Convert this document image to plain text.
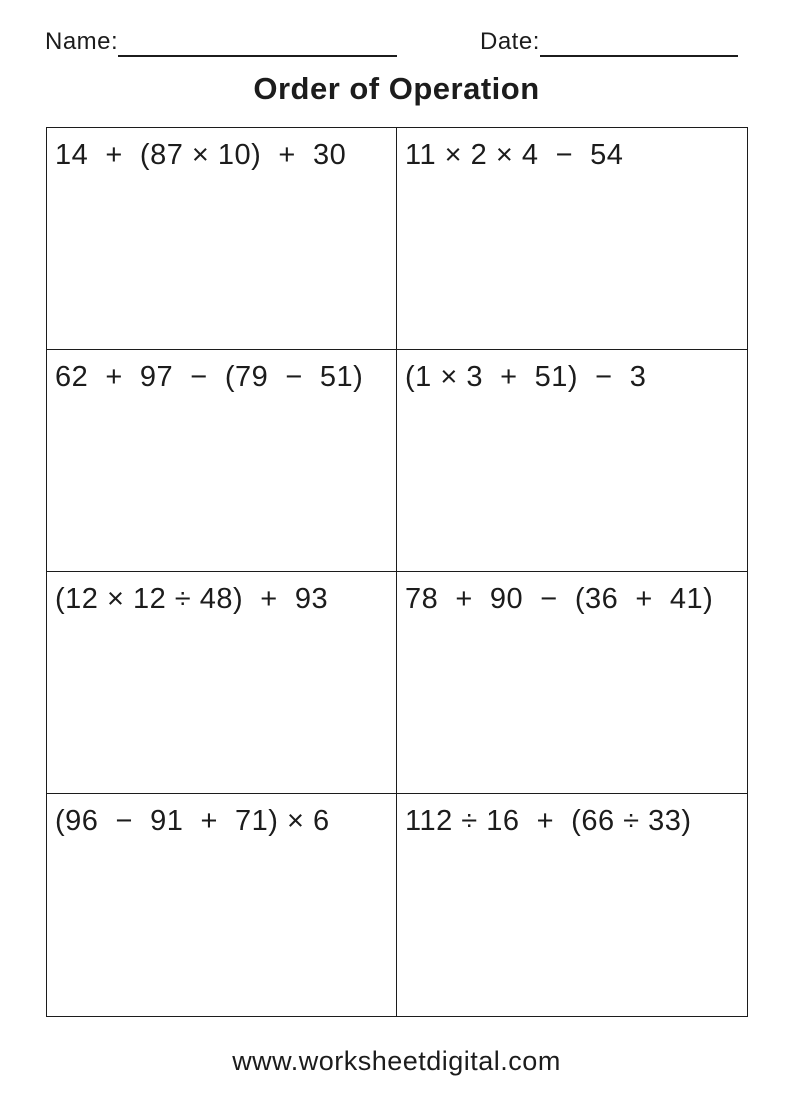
Name:	Date:
Order of Operation
14  +  (87 × 10)  +  30	11 × 2 × 4  −  54
62  +  97  −  (79  −  51)	(1 × 3  +  51)  −  3
(12 × 12 ÷ 48)  +  93	78  +  90  −  (36  +  41)
(96  −  91  +  71) × 6	112 ÷ 16  +  (66 ÷ 33)
www.worksheetdigital.com
